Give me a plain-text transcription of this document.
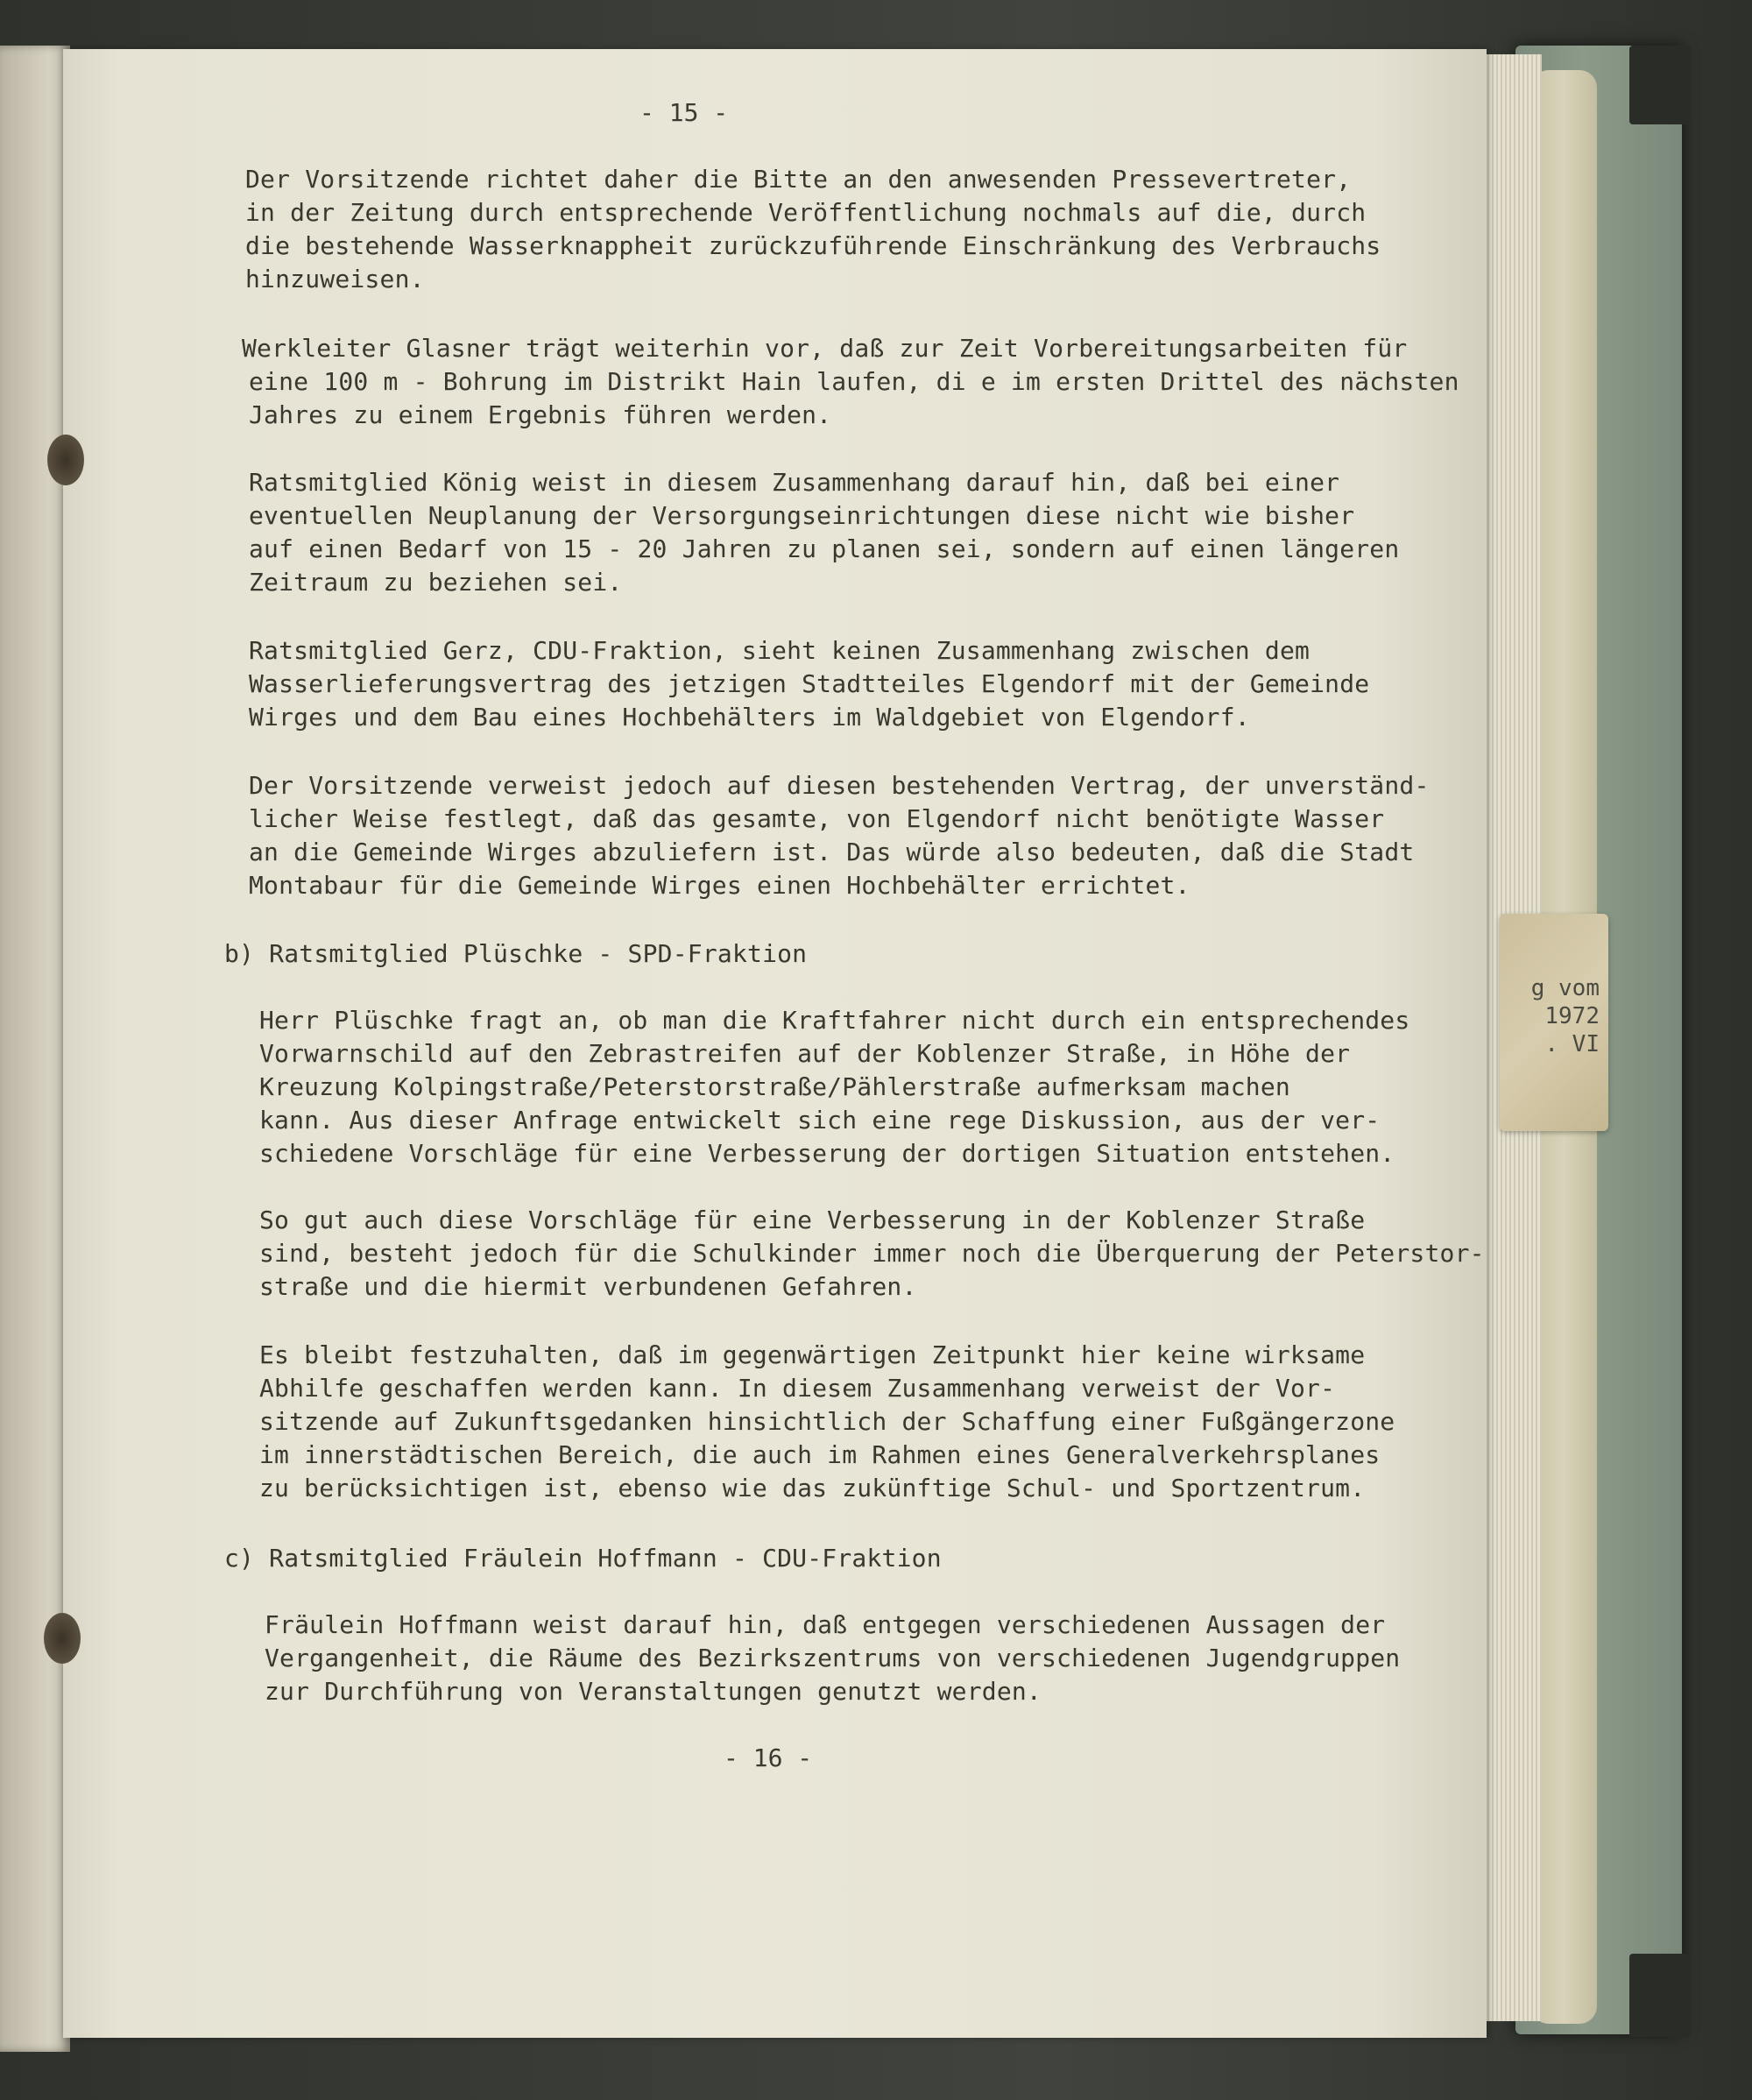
g vom
1972
. VI
- 15 -
Der Vorsitzende richtet daher die Bitte an den anwesenden Pressevertreter,
in der Zeitung durch entsprechende Veröffentlichung nochmals auf die, durch
die bestehende Wasserknappheit zurückzuführende Einschränkung des Verbrauchs
hinzuweisen.
Werkleiter Glasner trägt weiterhin vor, daß zur Zeit Vorbereitungsarbeiten für
eine 100 m - Bohrung im Distrikt Hain laufen, di e im ersten Drittel des nächsten
Jahres zu einem Ergebnis führen werden.
Ratsmitglied König weist in diesem Zusammenhang darauf hin, daß bei einer
eventuellen Neuplanung der Versorgungseinrichtungen diese nicht wie bisher
auf einen Bedarf von 15 - 20 Jahren zu planen sei, sondern auf einen längeren
Zeitraum zu beziehen sei.
Ratsmitglied Gerz, CDU-Fraktion, sieht keinen Zusammenhang zwischen dem
Wasserlieferungsvertrag des jetzigen Stadtteiles Elgendorf mit der Gemeinde
Wirges und dem Bau eines Hochbehälters im Waldgebiet von Elgendorf.
Der Vorsitzende verweist jedoch auf diesen bestehenden Vertrag, der unverständ-
licher Weise festlegt, daß das gesamte, von Elgendorf nicht benötigte Wasser
an die Gemeinde Wirges abzuliefern ist. Das würde also bedeuten, daß die Stadt
Montabaur für die Gemeinde Wirges einen Hochbehälter errichtet.
b) Ratsmitglied Plüschke - SPD-Fraktion
Herr Plüschke fragt an, ob man die Kraftfahrer nicht durch ein entsprechendes
Vorwarnschild auf den Zebrastreifen auf der Koblenzer Straße, in Höhe der
Kreuzung Kolpingstraße/Peterstorstraße/Pählerstraße aufmerksam machen
kann. Aus dieser Anfrage entwickelt sich eine rege Diskussion, aus der ver-
schiedene Vorschläge für eine Verbesserung der dortigen Situation entstehen.
So gut auch diese Vorschläge für eine Verbesserung in der Koblenzer Straße
sind, besteht jedoch für die Schulkinder immer noch die Überquerung der Peterstor-
straße und die hiermit verbundenen Gefahren.
Es bleibt festzuhalten, daß im gegenwärtigen Zeitpunkt hier keine wirksame
Abhilfe geschaffen werden kann. In diesem Zusammenhang verweist der Vor-
sitzende auf Zukunftsgedanken hinsichtlich der Schaffung einer Fußgängerzone
im innerstädtischen Bereich, die auch im Rahmen eines Generalverkehrsplanes
zu berücksichtigen ist, ebenso wie das zukünftige Schul- und Sportzentrum.
c) Ratsmitglied Fräulein Hoffmann - CDU-Fraktion
Fräulein Hoffmann weist darauf hin, daß entgegen verschiedenen Aussagen der
Vergangenheit, die Räume des Bezirkszentrums von verschiedenen Jugendgruppen
zur Durchführung von Veranstaltungen genutzt werden.
- 16 -
